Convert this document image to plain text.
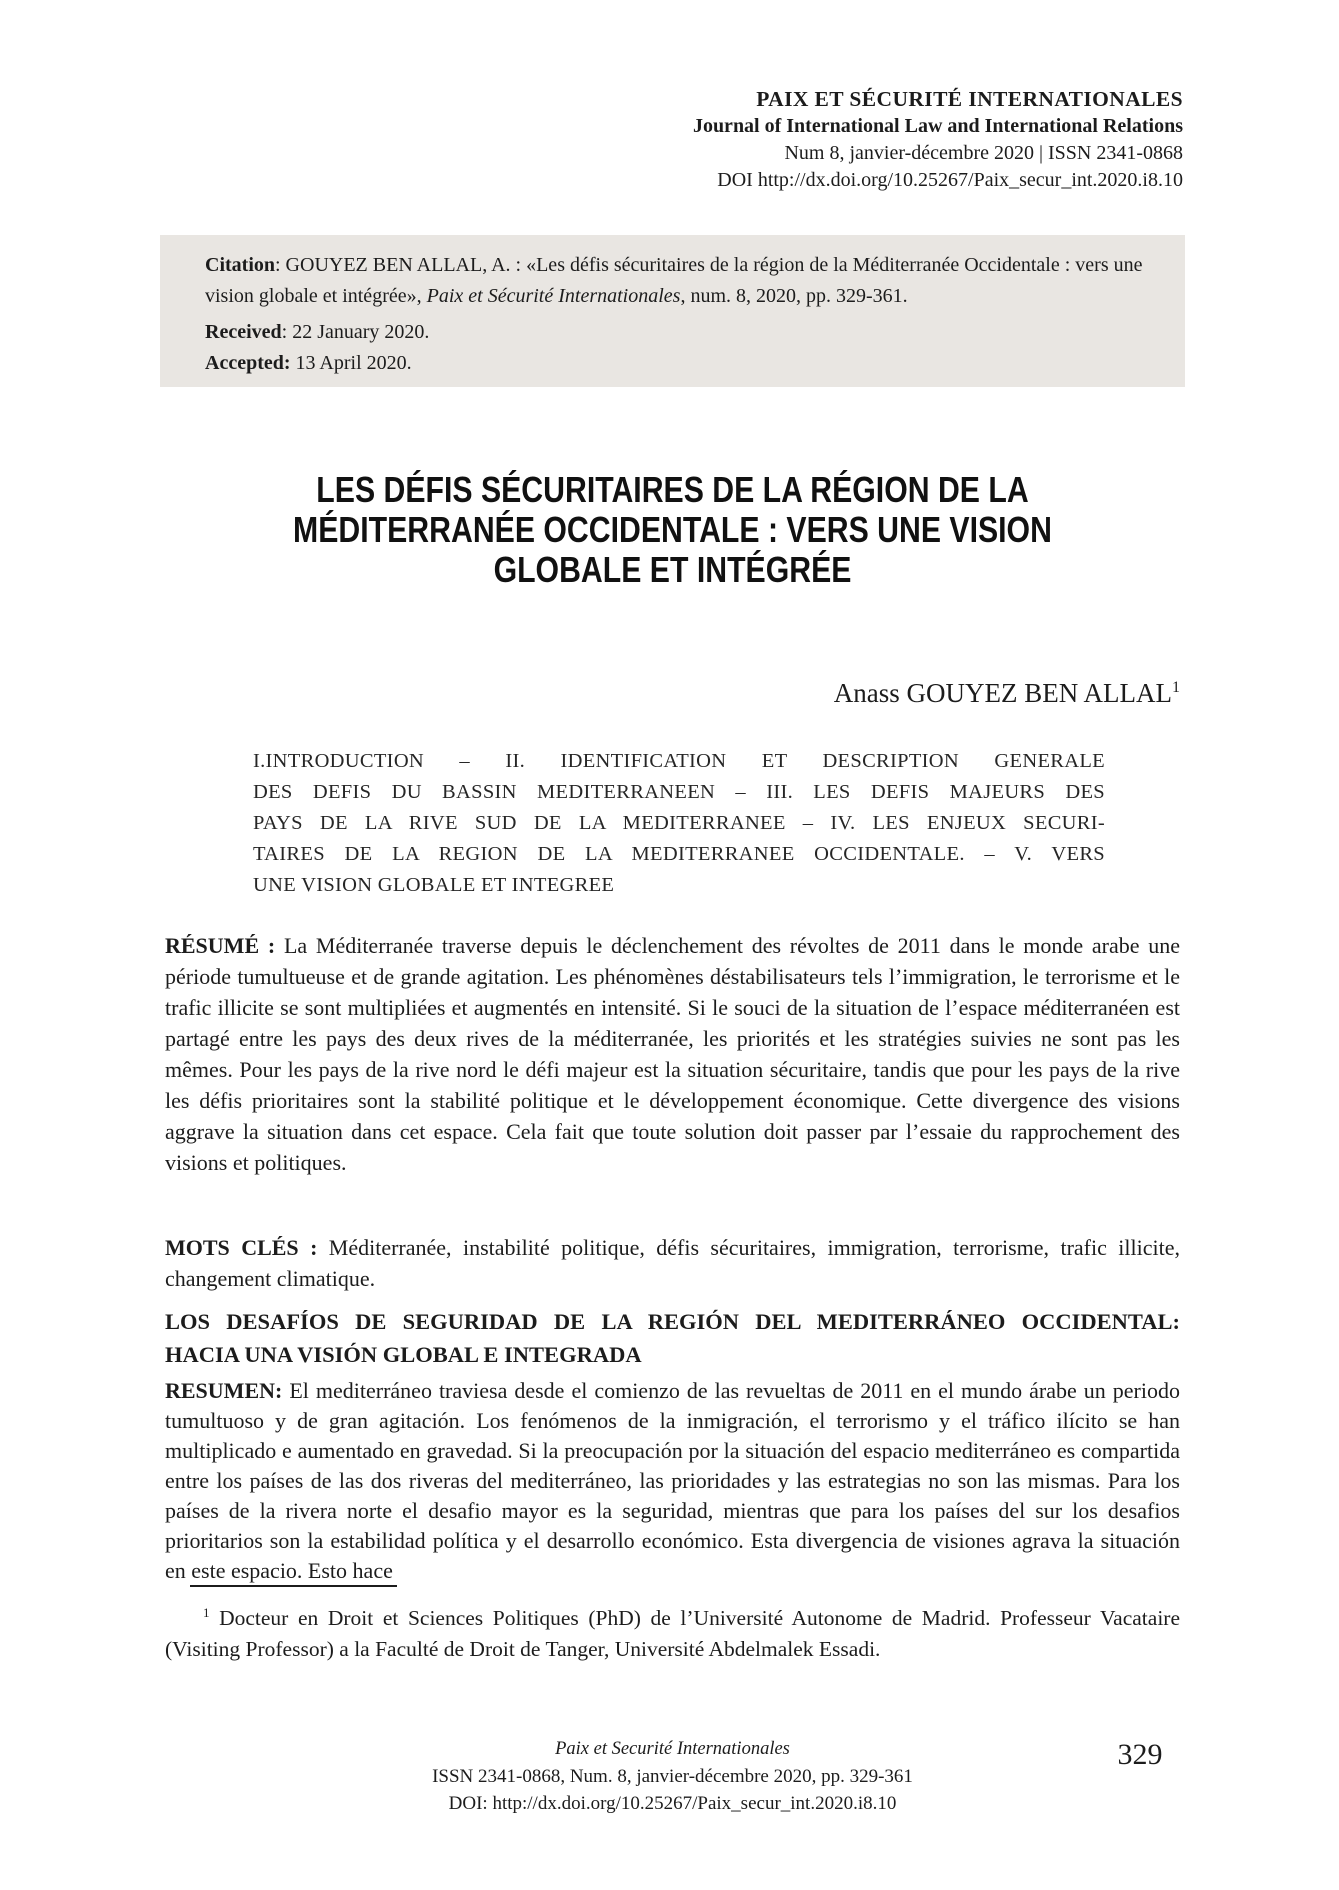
PAIX ET SÉCURITÉ INTERNATIONALES
Journal of International Law and International Relations
Num 8, janvier-décembre 2020 | ISSN 2341-0868
DOI http://dx.doi.org/10.25267/Paix_secur_int.2020.i8.10

Citation: GOUYEZ BEN ALLAL, A. : «Les défis sécuritaires de la région de la Méditerranée Occidentale : vers une vision globale et intégrée», Paix et Sécurité Internationales, num. 8, 2020, pp. 329-361.

Received: 22 January 2020.

Accepted: 13 April 2020.

LES DÉFIS SÉCURITAIRES DE LA RÉGION DE LA
MÉDITERRANÉE OCCIDENTALE : VERS UNE VISION
GLOBALE ET INTÉGRÉE
Anass GOUYEZ BEN ALLAL$^1$
I.INTRODUCTION – II. IDENTIFICATION ET DESCRIPTION GENERALE
DES DEFIS DU BASSIN MEDITERRANEEN – III. LES DEFIS MAJEURS DES
PAYS DE LA RIVE SUD DE LA MEDITERRANEE – IV. LES ENJEUX SECURI-
TAIRES DE LA REGION DE LA MEDITERRANEE OCCIDENTALE. – V. VERS
UNE VISION GLOBALE ET INTEGREE

RÉSUMÉ : La Méditerranée traverse depuis le déclenchement des révoltes de 2011 dans le monde arabe une période tumultueuse et de grande agitation. Les phénomènes déstabilisateurs tels l’immigration, le terrorisme et le trafic illicite se sont multipliées et augmentés en intensité. Si le souci de la situation de l’espace méditerranéen est partagé entre les pays des deux rives de la méditerranée, les priorités et les stratégies suivies ne sont pas les mêmes. Pour les pays de la rive nord le défi majeur est la situation sécuritaire, tandis que pour les pays de la rive les défis prioritaires sont la stabilité politique et le développement économique. Cette divergence des visions aggrave la situation dans cet espace. Cela fait que toute solution doit passer par l’essaie du rapprochement des visions et politiques.

MOTS CLÉS : Méditerranée, instabilité politique, défis sécuritaires, immigration, terrorisme, trafic illicite, changement climatique.

LOS DESAFÍOS DE SEGURIDAD DE LA REGIÓN DEL MEDITERRÁNEO OCCIDENTAL:
HACIA UNA VISIÓN GLOBAL E INTEGRADA

RESUMEN: El mediterráneo traviesa desde el comienzo de las revueltas de 2011 en el mundo árabe un periodo tumultuoso y de gran agitación. Los fenómenos de la inmigración, el terrorismo y el tráfico ilícito se han multiplicado e aumentado en gravedad. Si la preocupación por la situación del espacio mediterráneo es compartida entre los países de las dos riveras del mediterráneo, las prioridades y las estrategias no son las mismas. Para los países de la rivera norte el desafio mayor es la seguridad, mientras que para los países del sur los desafios prioritarios son la estabilidad política y el desarrollo económico. Esta divergencia de visiones agrava la situación en este espacio. Esto hace

$^1$ Docteur en Droit et Sciences Politiques (PhD) de l’Université Autonome de Madrid. Professeur Vacataire (Visiting Professor) a la Faculté de Droit de Tanger, Université Abdelmalek Essadi.

Paix et Securité Internationales
ISSN 2341-0868, Num. 8, janvier-décembre 2020, pp. 329-361
DOI: http://dx.doi.org/10.25267/Paix_secur_int.2020.i8.10
329
